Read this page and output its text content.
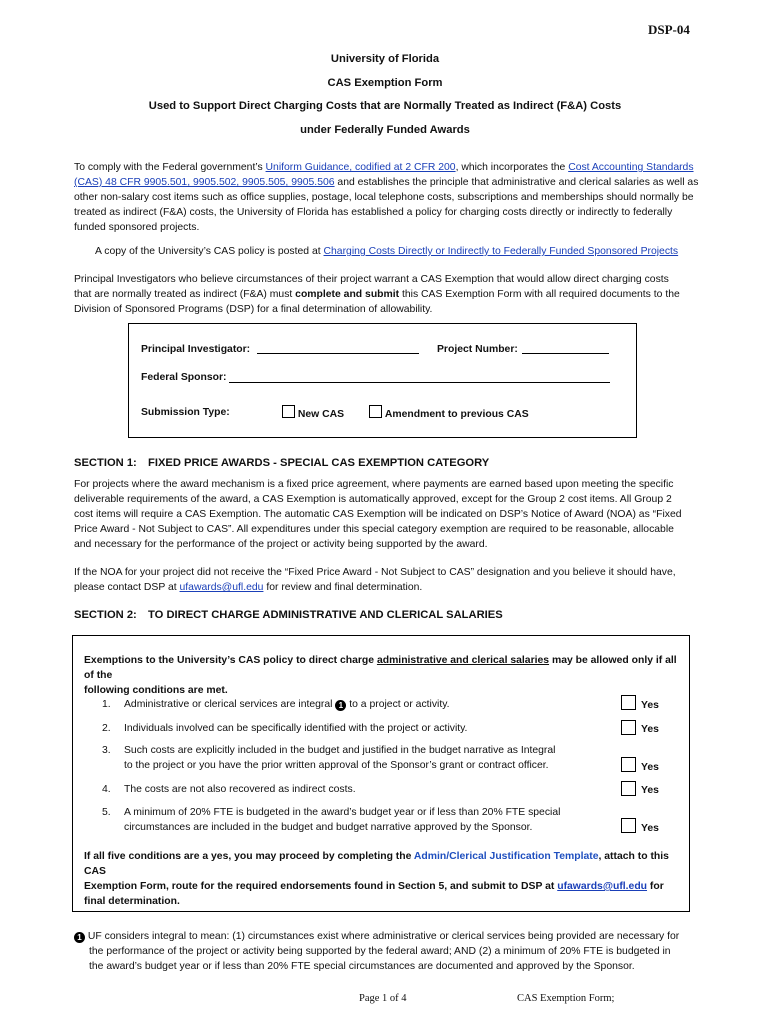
DSP-04
University of Florida
CAS Exemption Form
Used to Support Direct Charging Costs that are Normally Treated as Indirect (F&A) Costs
under Federally Funded Awards
To comply with the Federal government’s Uniform Guidance, codified at 2 CFR 200, which incorporates the Cost Accounting Standards
(CAS) 48 CFR 9905.501, 9905.502, 9905.505, 9905.506 and establishes the principle that administrative and clerical salaries as well as
other non-salary cost items such as office supplies, postage, local telephone costs, subscriptions and memberships should normally be
treated as indirect (F&A) costs, the University of Florida has established a policy for charging costs directly or indirectly to federally
funded sponsored projects.
A copy of the University’s CAS policy is posted at Charging Costs Directly or Indirectly to Federally Funded Sponsored Projects
Principal Investigators who believe circumstances of their project warrant a CAS Exemption that would allow direct charging costs
that are normally treated as indirect (F&A) must complete and submit this CAS Exemption Form with all required documents to the
Division of Sponsored Programs (DSP) for a final determination of allowability.
Principal Investigator:	Project Number:
Federal Sponsor:
Submission Type:	New CAS	Amendment to previous CAS
SECTION 1: FIXED PRICE AWARDS - SPECIAL CAS EXEMPTION CATEGORY
For projects where the award mechanism is a fixed price agreement, where payments are earned based upon meeting the specific
deliverable requirements of the award, a CAS Exemption is automatically approved, except for the Group 2 cost items. All Group 2
cost items will require a CAS Exemption. The automatic CAS Exemption will be indicated on DSP’s Notice of Award (NOA) as “Fixed
Price Award - Not Subject to CAS”. All expenditures under this special category exemption are required to be reasonable, allocable
and necessary for the performance of the project or activity being supported by the award.
If the NOA for your project did not receive the “Fixed Price Award - Not Subject to CAS” designation and you believe it should have,
please contact DSP at ufawards@ufl.edu for review and final determination.
SECTION 2: TO DIRECT CHARGE ADMINISTRATIVE AND CLERICAL SALARIES
Exemptions to the University’s CAS policy to direct charge administrative and clerical salaries may be allowed only if all of the
following conditions are met.
1. Administrative or clerical services are integral 1 to a project or activity.	Yes
2. Individuals involved can be specifically identified with the project or activity.	Yes
3. Such costs are explicitly included in the budget and justified in the budget narrative as Integral
to the project or you have the prior written approval of the Sponsor’s grant or contract officer.	Yes
4. The costs are not also recovered as indirect costs.	Yes
5. A minimum of 20% FTE is budgeted in the award’s budget year or if less than 20% FTE special
circumstances are included in the budget and budget narrative approved by the Sponsor.	Yes
If all five conditions are a yes, you may proceed by completing the Admin/Clerical Justification Template, attach to this CAS
Exemption Form, route for the required endorsements found in Section 5, and submit to DSP at ufawards@ufl.edu for
final determination.
1 UF considers integral to mean: (1) circumstances exist where administrative or clerical services being provided are necessary for
the performance of the project or activity being supported by the federal award; AND (2) a minimum of 20% FTE is budgeted in
the award’s budget year or if less than 20% FTE special circumstances are documented and approved by the Sponsor.
Page 1 of 4	CAS Exemption Form;
